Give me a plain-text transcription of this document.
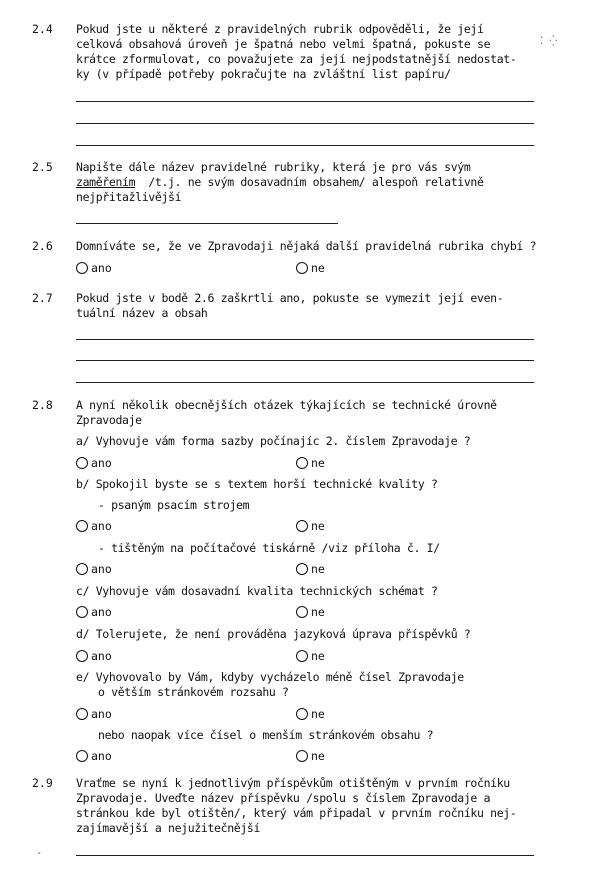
2.4 Pokud jste u některé z pravidelných rubrik odpověděli, že její
celková obsahová úroveň je špatná nebo velmi špatná, pokuste se
krátce zformulovat, co považujete za její nejpodstatnější nedostat-
ky (v případě potřeby pokračujte na zvláštní list papíru/
2.5 Napište dále název pravidelné rubriky, která je pro vás svým
zaměřením  /t.j. ne svým dosavadním obsahem/ alespoň relativně
nejpřitažlivější
2.6 Domníváte se, že ve Zpravodaji nějaká další pravidelná rubrika chybí ?
ano	ne
2.7 Pokud jste v bodě 2.6 zaškrtli ano, pokuste se vymezit její even-
tuální název a obsah
2.8 A nyní několik obecnějších otázek týkajících se technické úrovně
Zpravodaje
a/ Vyhovuje vám forma sazby počínajíc 2. číslem Zpravodaje ?
ano	ne
b/ Spokojil byste se s textem horší technické kvality ?
- psaným psacím strojem
ano	ne
- tištěným na počítačové tiskárně /viz příloha č. I/
ano	ne
c/ Vyhovuje vám dosavadní kvalita technických schémat ?
ano	ne
d/ Tolerujete, že není prováděna jazyková úprava příspěvků ?
ano	ne
e/ Vyhovovalo by Vám, kdyby vycházelo méně čísel Zpravodaje
o větším stránkovém rozsahu ?
ano	ne
nebo naopak více čísel o menším stránkovém obsahu ?
ano	ne
2.9 Vraťme se nyní k jednotlivým příspěvkům otištěným v prvním ročníku
Zpravodaje. Uveďte název příspěvku /spolu s číslem Zpravodaje a
stránkou kde byl otištěn/, který vám připadal v prvním ročníku nej-
zajímavější a nejužitečnější
⁚ ⁛
-
